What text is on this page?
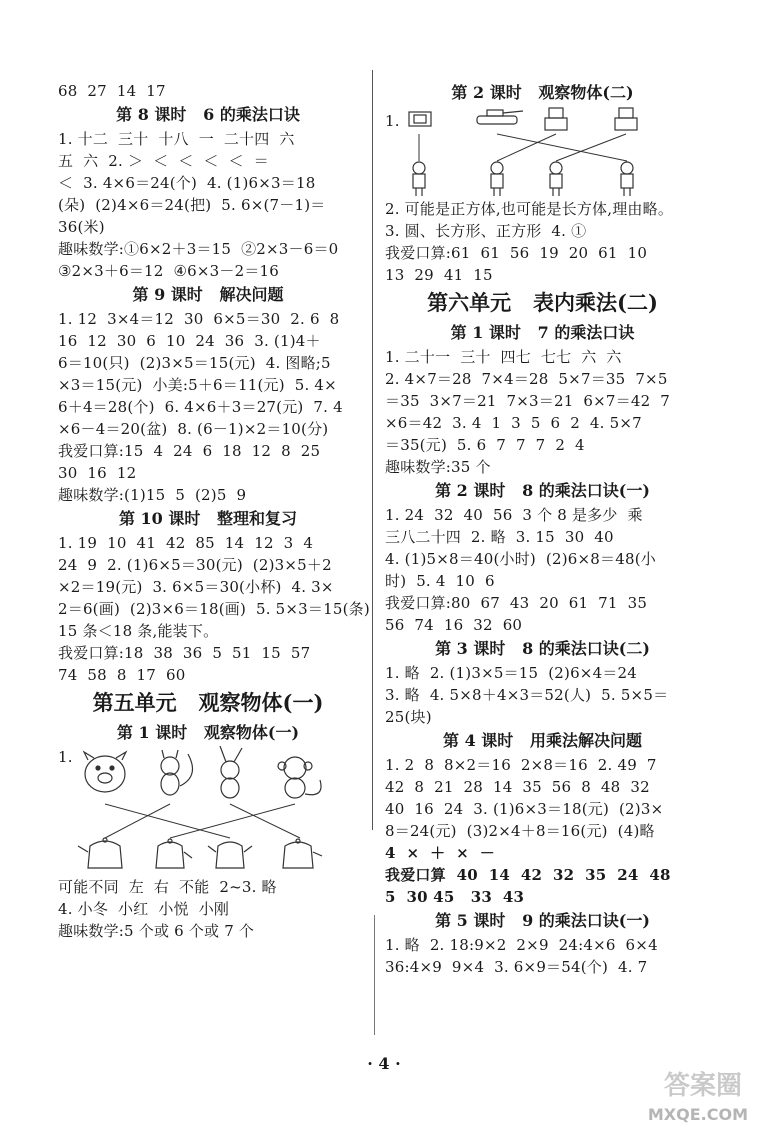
68  27  14  17
第 8 课时   6 的乘法口诀
1. 十二  三十  十八  一  二十四  六
五  六  2. ＞  ＜  ＜  ＜  ＜  ＝
＜  3. 4×6＝24(个)  4. (1)6×3＝18
(朵)  (2)4×6＝24(把)  5. 6×(7－1)＝
36(米)
趣味数学:①6×2＋3＝15  ②2×3－6＝0
③2×3＋6＝12  ④6×3－2＝16
第 9 课时   解决问题
1. 12  3×4＝12  30  6×5＝30  2. 6  8
16  12  30  6  10  24  36  3. (1)4＋
6＝10(只)  (2)3×5＝15(元)  4. 图略;5
×3＝15(元)  小美:5＋6＝11(元)  5. 4×
6＋4＝28(个)  6. 4×6＋3＝27(元)  7. 4
×6－4＝20(盆)  8. (6－1)×2＝10(分)
我爱口算:15  4  24  6  18  12  8  25
30  16  12
趣味数学:(1)15  5  (2)5  9
第 10 课时   整理和复习
1. 19  10  41  42  85  14  12  3  4
24  9  2. (1)6×5＝30(元)  (2)3×5＋2
×2＝19(元)  3. 6×5＝30(小杯)  4. 3×
2＝6(画)  (2)3×6＝18(画)  5. 5×3＝15(条)
15 条＜18 条,能装下。
我爱口算:18  38  36  5  51  15  57
74  58  8  17  60
第五单元   观察物体(一)
第 1 课时   观察物体(一)
1.
可能不同  左  右  不能  2~3. 略
4. 小冬  小红  小悦  小刚
趣味数学:5 个或 6 个或 7 个
第 2 课时   观察物体(二)
1.
2. 可能是正方体,也可能是长方体,理由略。
3. 圆、长方形、正方形  4. ①
我爱口算:61  61  56  19  20  61  10
13  29  41  15
第六单元   表内乘法(二)
第 1 课时   7 的乘法口诀
1. 二十一  三十  四七  七七  六  六
2. 4×7＝28  7×4＝28  5×7＝35  7×5
＝35  3×7＝21  7×3＝21  6×7＝42  7
×6＝42  3. 4  1  3  5  6  2  4. 5×7
＝35(元)  5. 6  7  7  7  2  4
趣味数学:35 个
第 2 课时   8 的乘法口诀(一)
1. 24  32  40  56  3 个 8 是多少  乘
三八二十四  2. 略  3. 15  30  40
4. (1)5×8＝40(小时)  (2)6×8＝48(小
时)  5. 4  10  6
我爱口算:80  67  43  20  61  71  35
56  74  16  32  60
第 3 课时   8 的乘法口诀(二)
1. 略  2. (1)3×5＝15  (2)6×4＝24
3. 略  4. 5×8＋4×3＝52(人)  5. 5×5＝
25(块)
第 4 课时   用乘法解决问题
1. 2  8  8×2＝16  2×8＝16  2. 49  7
42  8  21  28  14  35  56  8  48  32
40  16  24  3. (1)6×3＝18(元)  (2)3×
8＝24(元)  (3)2×4＋8＝16(元)  (4)略
4  ×  ＋  ×  －
我爱口算  40  14  42  32  35  24  48
5  30 45   33  43
第 5 课时   9 的乘法口诀(一)
1. 略  2. 18:9×2  2×9  24:4×6  6×4
36:4×9  9×4  3. 6×9＝54(个)  4. 7
· 4 ·
答案圈
MXQE.COM
